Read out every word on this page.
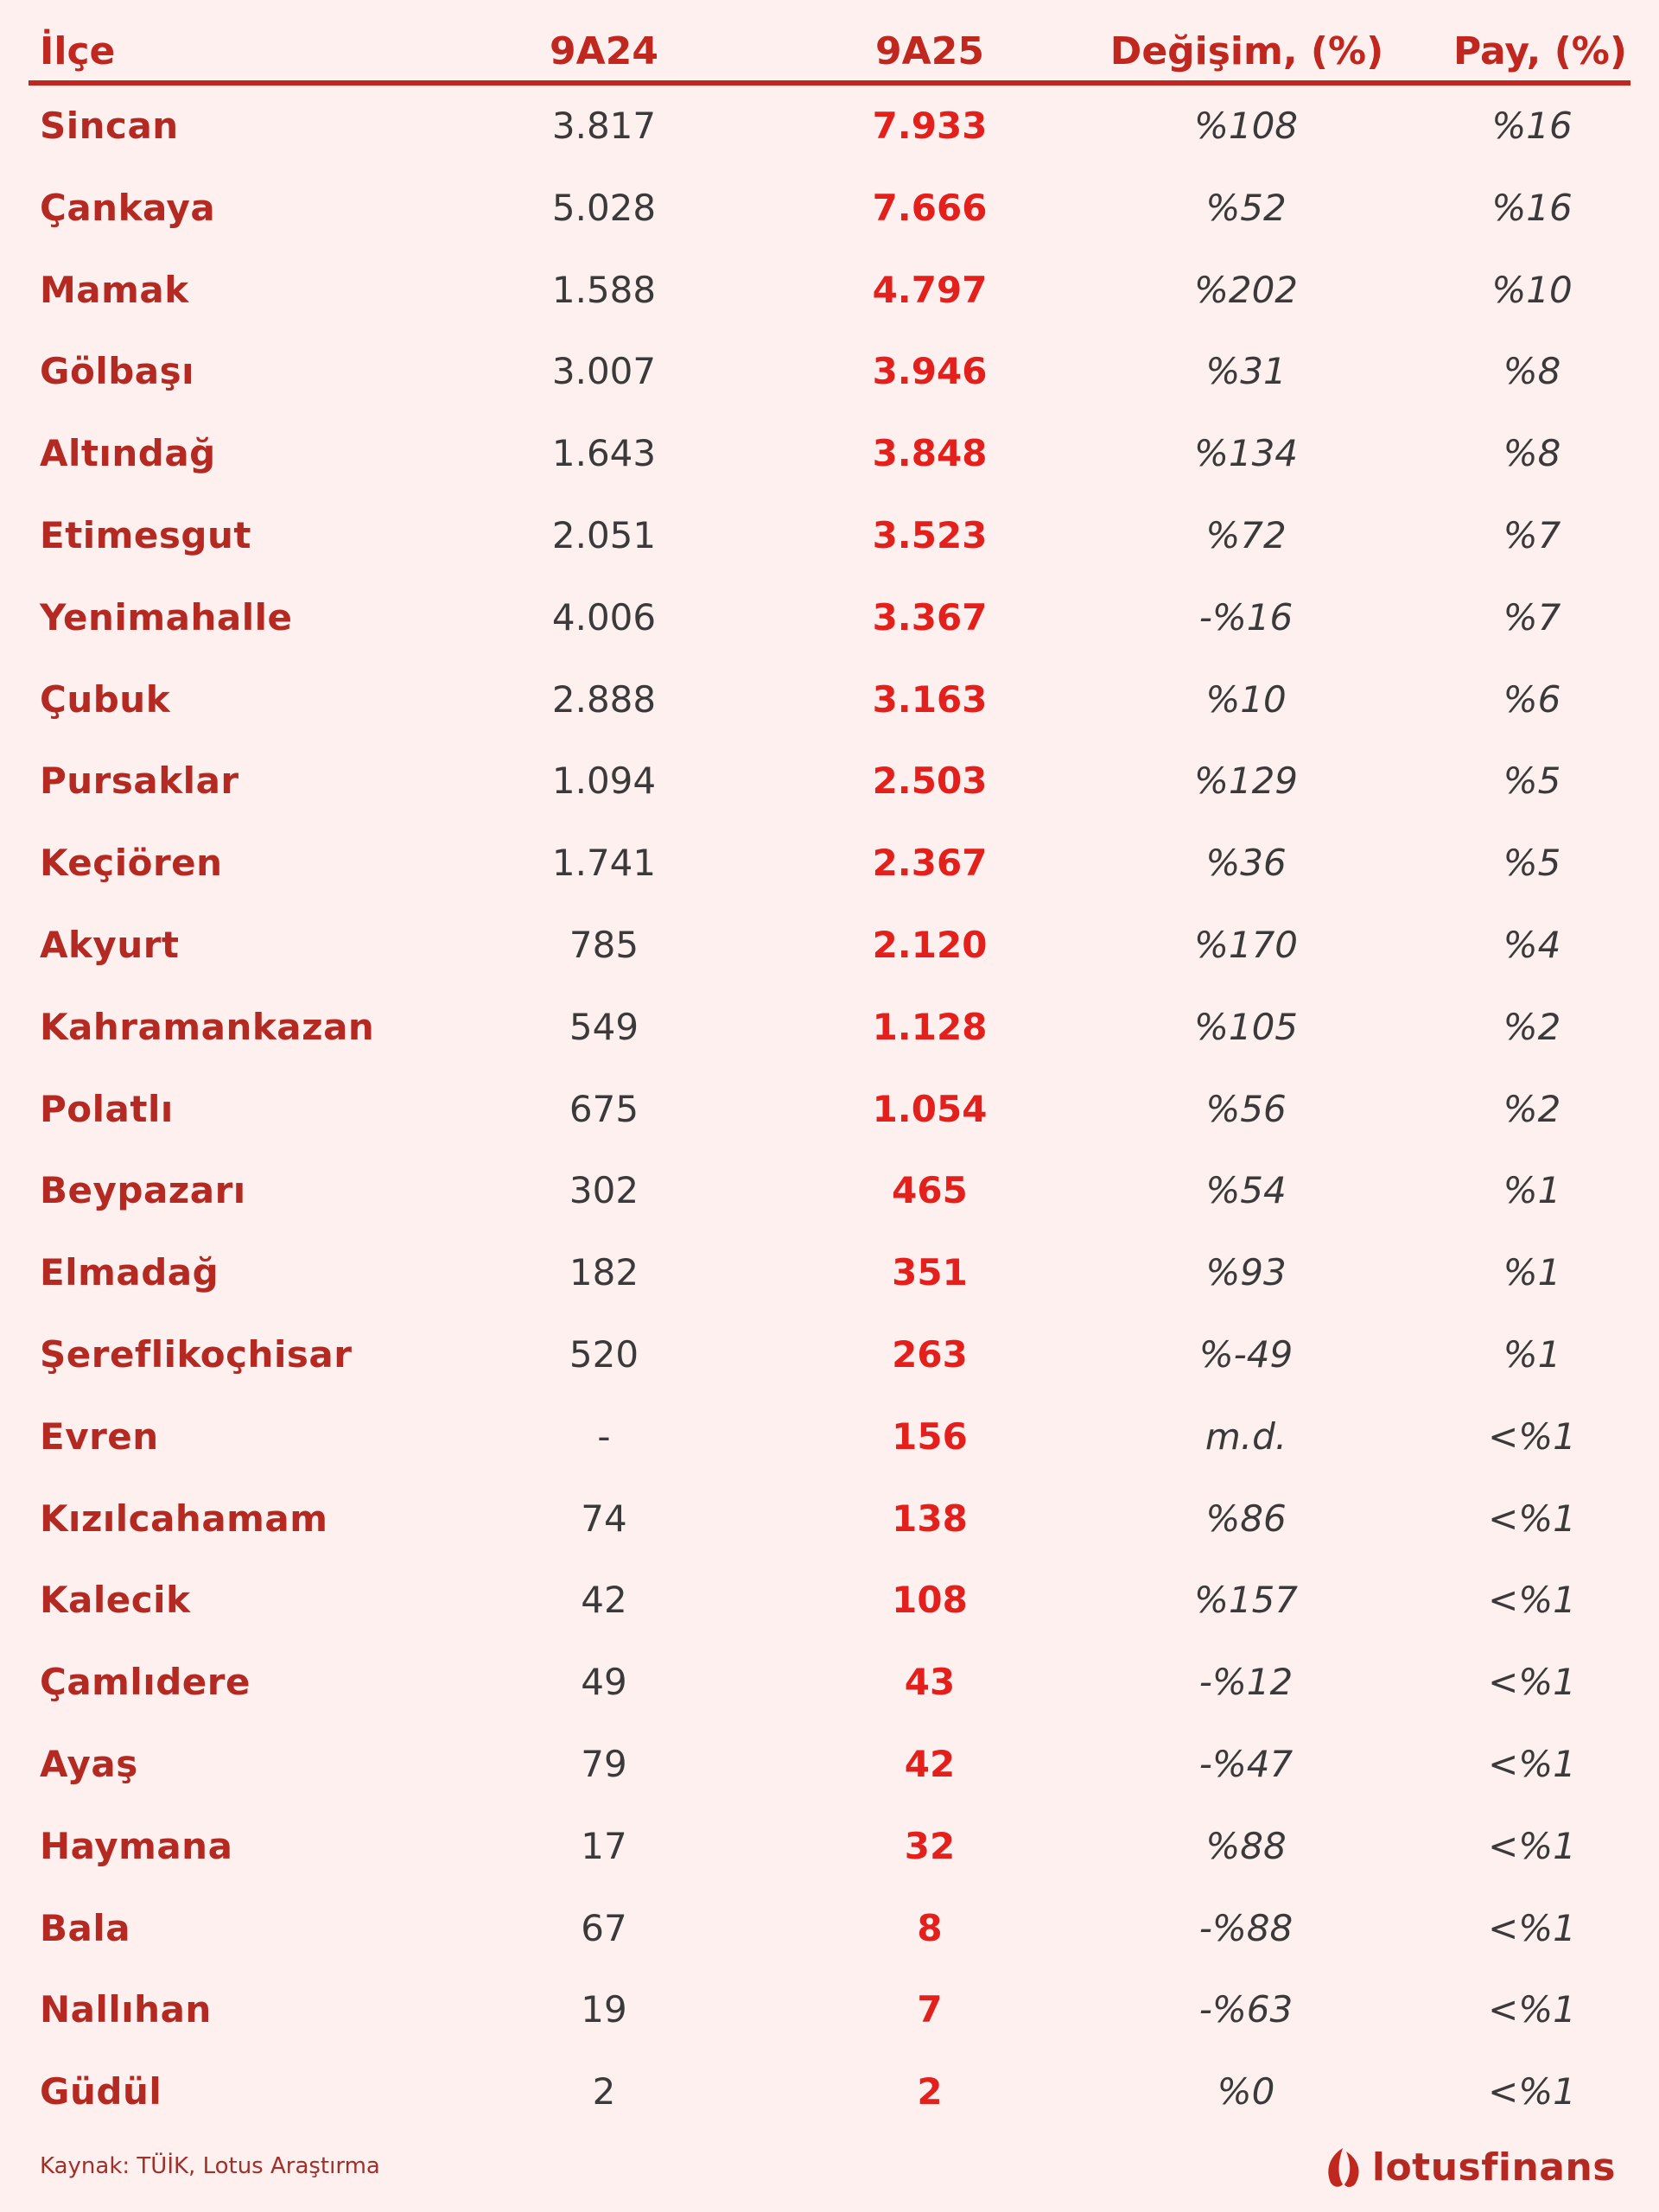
İlçe	9A24	9A25	Değişim, (%)	Pay, (%)
Sincan	3.817	7.933	%108	%16
Çankaya	5.028	7.666	%52	%16
Mamak	1.588	4.797	%202	%10
Gölbaşı	3.007	3.946	%31	%8
Altındağ	1.643	3.848	%134	%8
Etimesgut	2.051	3.523	%72	%7
Yenimahalle	4.006	3.367	-%16	%7
Çubuk	2.888	3.163	%10	%6
Pursaklar	1.094	2.503	%129	%5
Keçiören	1.741	2.367	%36	%5
Akyurt	785	2.120	%170	%4
Kahramankazan	549	1.128	%105	%2
Polatlı	675	1.054	%56	%2
Beypazarı	302	465	%54	%1
Elmadağ	182	351	%93	%1
Şereflikoçhisar	520	263	%-49	%1
Evren	-	156	m.d.	<%1
Kızılcahamam	74	138	%86	<%1
Kalecik	42	108	%157	<%1
Çamlıdere	49	43	-%12	<%1
Ayaş	79	42	-%47	<%1
Haymana	17	32	%88	<%1
Bala	67	8	-%88	<%1
Nallıhan	19	7	-%63	<%1
Güdül	2	2	%0	<%1
Kaynak: TÜİK, Lotus Araştırma	lotusfinans
